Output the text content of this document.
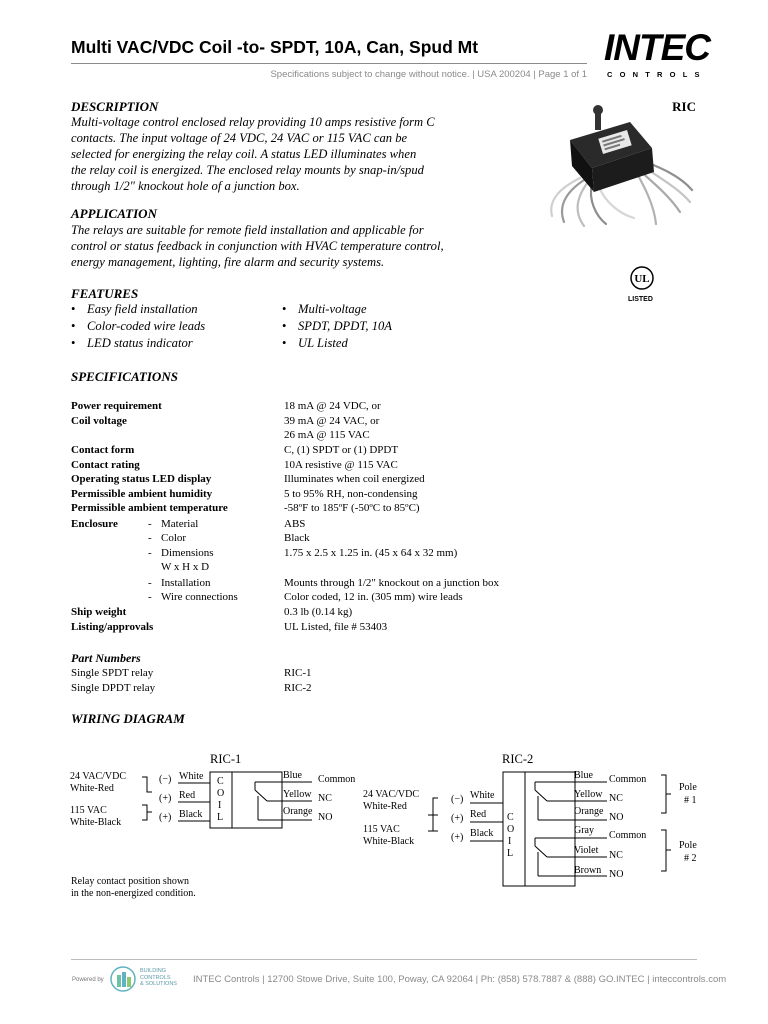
Multi VAC/VDC Coil -to- SPDT, 10A, Can, Spud Mt
Specifications subject to change without notice. | USA 200204 | Page 1 of 1
INTEC
CONTROLS
RIC
DESCRIPTION
Multi-voltage control enclosed relay providing 10 amps resistive form C
contacts. The input voltage of 24 VDC, 24 VAC or 115 VAC can be
selected for energizing the relay coil. A status LED illuminates when
the relay coil is energized. The enclosed relay mounts by snap-in/spud
through 1/2" knockout hole of a junction box.
APPLICATION
The relays are suitable for remote field installation and applicable for
control or status feedback in conjunction with HVAC temperature control,
energy management, lighting, fire alarm and security systems.
UL
LISTED
FEATURES
• Easy field installation
• Color-coded wire leads
• LED status indicator
• Multi-voltage
• SPDT, DPDT, 10A
• UL Listed
SPECIFICATIONS
Power requirement	18 mA @ 24 VDC, or
Coil voltage	39 mA @ 24 VAC, or
26 mA @ 115 VAC
Contact form	C, (1) SPDT or (1) DPDT
Contact rating	10A resistive @ 115 VAC
Operating status LED display	Illuminates when coil energized
Permissible ambient humidity	5 to 95% RH, non-condensing
Permissible ambient temperature	-58ºF to 185ºF (-50ºC to 85ºC)
Enclosure	- Material	ABS
- Color	Black
- Dimensions	1.75 x 2.5 x 1.25 in. (45 x 64 x 32 mm)
W x H x D
- Installation	Mounts through 1/2" knockout on a junction box
- Wire connections	Color coded, 12 in. (305 mm) wire leads
Ship weight	0.3 lb (0.14 kg)
Listing/approvals	UL Listed, file # 53403
Part Numbers
Single SPDT relay	RIC-1
Single DPDT relay	RIC-2
WIRING DIAGRAM
RIC-1
24 VAC/VDC
White-Red
115 VAC
White-Black
(−)
(+)
(+)
White
Red
Black
C
O
I
L
Blue
Yellow
Orange
Common
NC
NO
RIC-2
24 VAC/VDC
White-Red
115 VAC
White-Black
(−)
(+)
(+)
White
Red
Black
C
O
I
L
Blue
Yellow
Orange
Gray
Violet
Brown
Common
NC
NO
Common
NC
NO
Pole
# 1
Pole
# 2
Relay contact position shown
in the non-energized condition.
Powered by
BUILDING
CONTROLS
& SOLUTIONS INTEC Controls | 12700 Stowe Drive, Suite 100, Poway, CA 92064 | Ph: (858) 578.7887 & (888) GO.INTEC | inteccontrols.com
